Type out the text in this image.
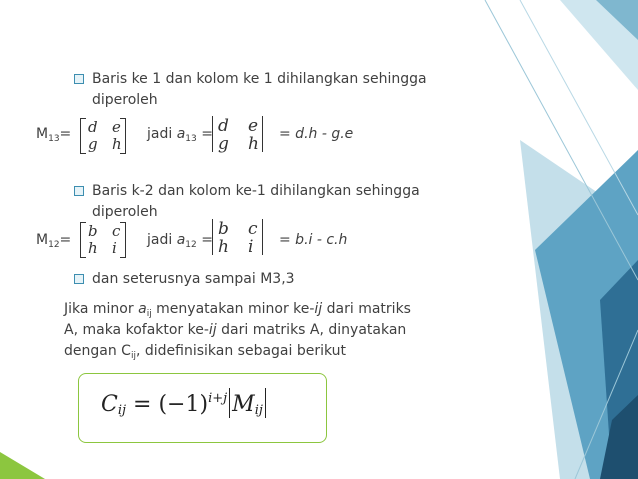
Baris ke 1 dan kolom ke 1 dihilangkan sehingga
diperoleh
$M_{13}= d$ e
g h
jadi $a_{13} = d$ e
g h = d.h - g.e
Baris k-2 dan kolom ke-1 dihilangkan sehingga
diperoleh
$M_{12}= b$ c
h i jadi $a_{12}$ =
b c
h i = b.i - c.h
dan seterusnya sampai M3,3
Jika minor $a_{ij}$ menyatakan minor ke-ij dari matriks
A, maka kofaktor ke-ij dari matriks A, dinyatakan
dengan $C_{ij}$, didefinisikan sebagai berikut
$C_{ij} = (-1)^{i+j}$ $M_{ij}$
